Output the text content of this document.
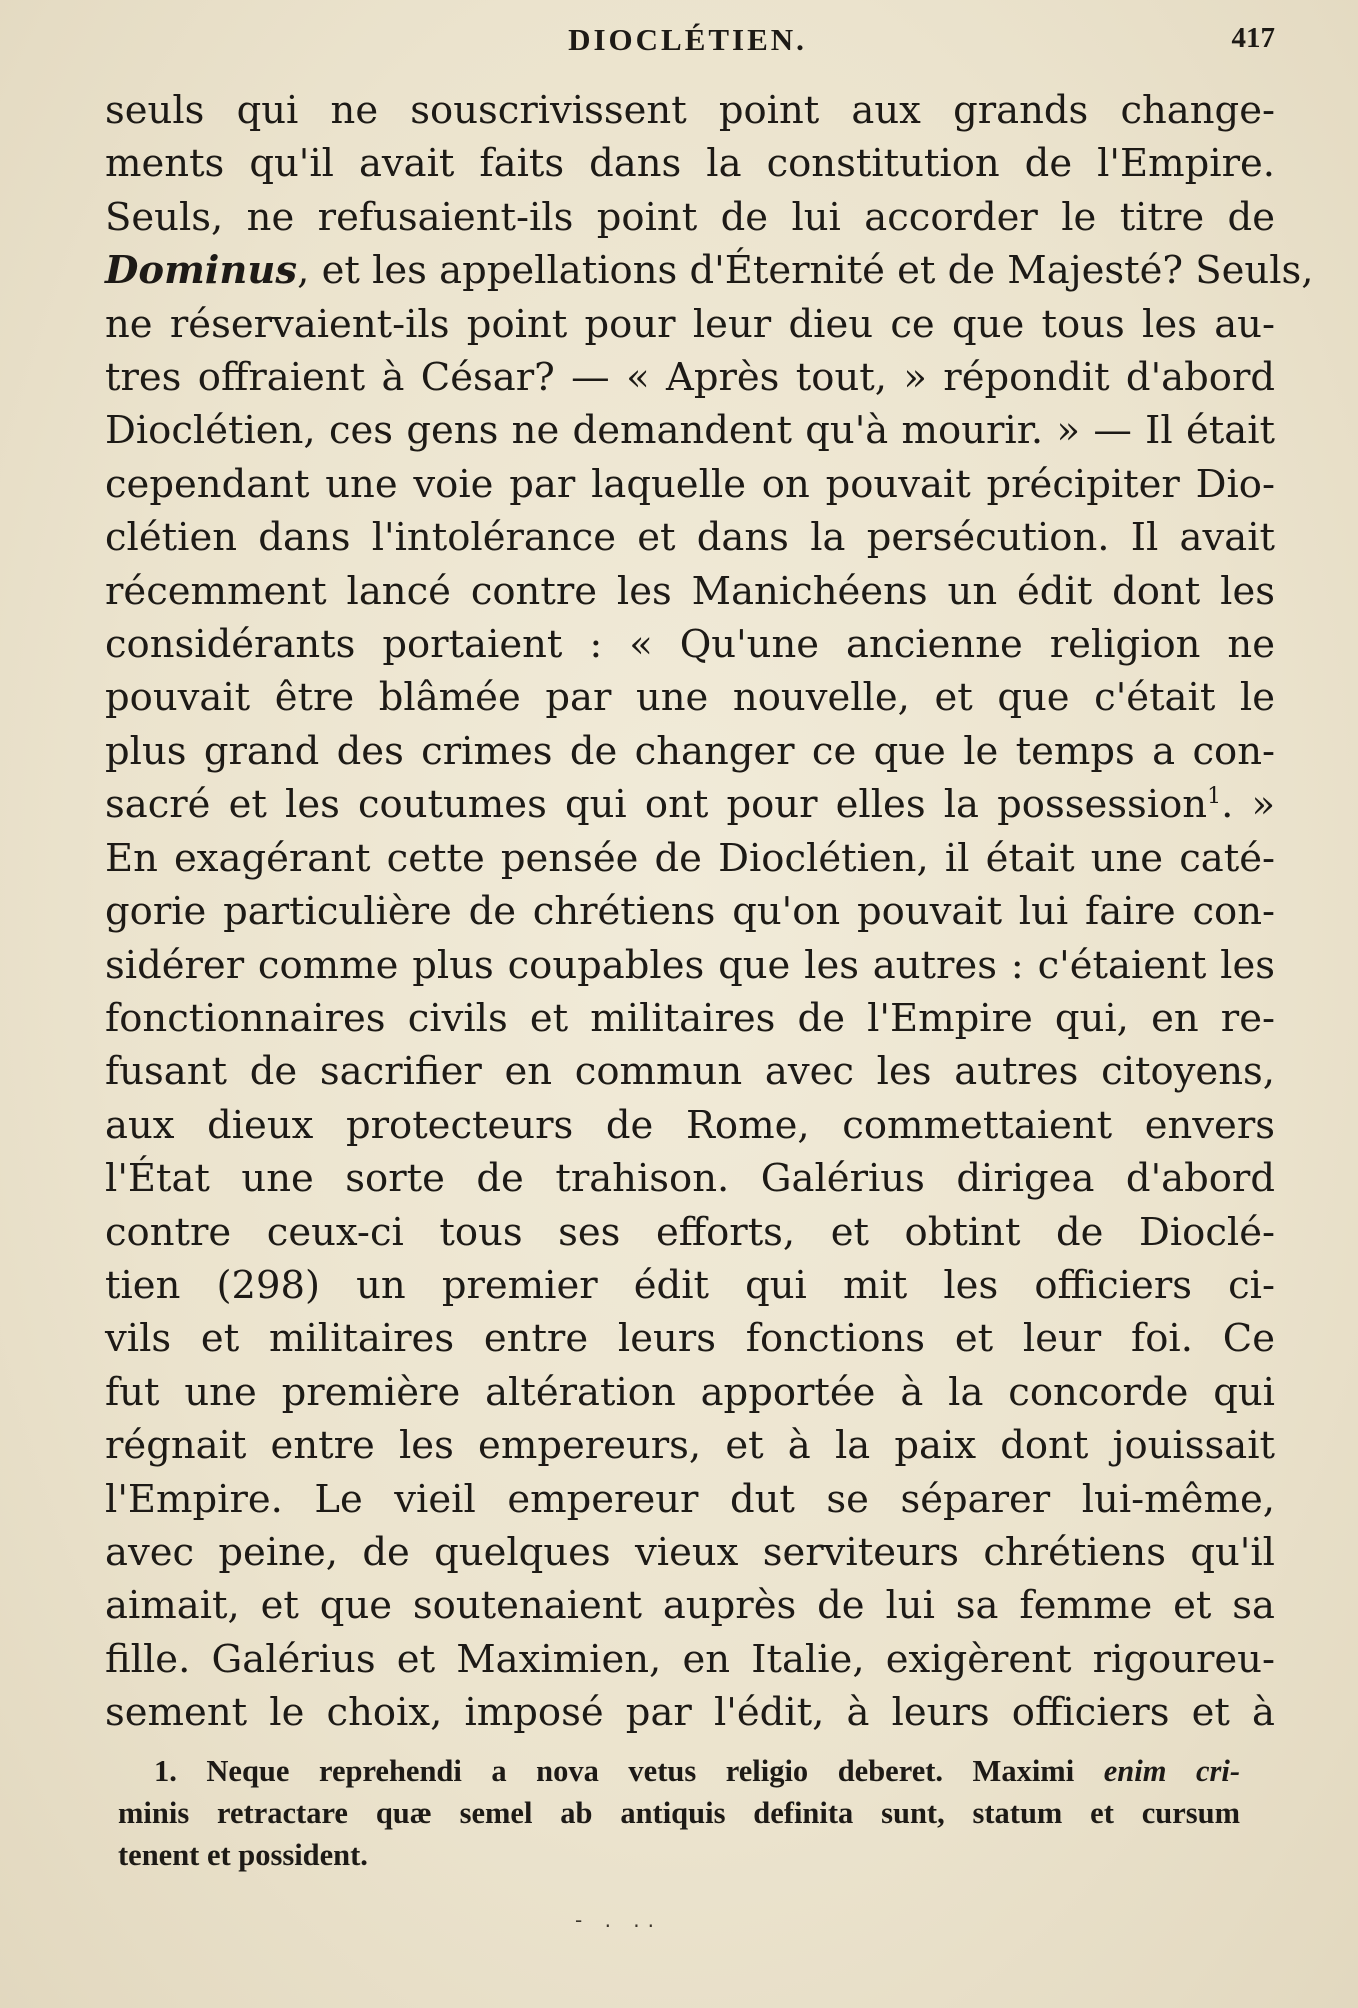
DIOCLÉTIEN.	417
seuls qui ne souscrivissent point aux grands change-
ments qu'il avait faits dans la constitution de l'Empire.
Seuls, ne refusaient-ils point de lui accorder le titre de
Dominus, et les appellations d'Éternité et de Majesté? Seuls,
ne réservaient-ils point pour leur dieu ce que tous les au-
tres offraient à César? — « Après tout, » répondit d'abord
Dioclétien, ces gens ne demandent qu'à mourir. » — Il était
cependant une voie par laquelle on pouvait précipiter Dio-
clétien dans l'intolérance et dans la persécution. Il avait
récemment lancé contre les Manichéens un édit dont les
considérants portaient : « Qu'une ancienne religion ne
pouvait être blâmée par une nouvelle, et que c'était le
plus grand des crimes de changer ce que le temps a con-
sacré et les coutumes qui ont pour elles la possession$^1$. »
En exagérant cette pensée de Dioclétien, il était une caté-
gorie particulière de chrétiens qu'on pouvait lui faire con-
sidérer comme plus coupables que les autres : c'étaient les
fonctionnaires civils et militaires de l'Empire qui, en re-
fusant de sacrifier en commun avec les autres citoyens,
aux dieux protecteurs de Rome, commettaient envers
l'État une sorte de trahison. Galérius dirigea d'abord
contre ceux-ci tous ses efforts, et obtint de Dioclé-
tien (298) un premier édit qui mit les officiers ci-
vils et militaires entre leurs fonctions et leur foi. Ce
fut une première altération apportée à la concorde qui
régnait entre les empereurs, et à la paix dont jouissait
l'Empire. Le vieil empereur dut se séparer lui-même,
avec peine, de quelques vieux serviteurs chrétiens qu'il
aimait, et que soutenaient auprès de lui sa femme et sa
fille. Galérius et Maximien, en Italie, exigèrent rigoureu-
sement le choix, imposé par l'édit, à leurs officiers et à
1. Neque reprehendi a nova vetus religio deberet. Maximi enim cri-
minis retractare quæ semel ab antiquis definita sunt, statum et cursum
tenent et possident.
- . ..
